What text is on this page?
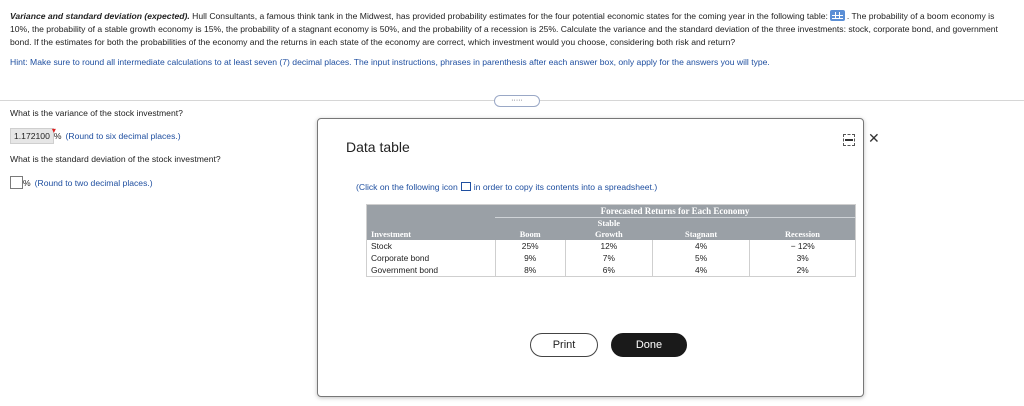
Variance and standard deviation (expected). Hull Consultants, a famous think tank in the Midwest, has provided probability estimates for the four potential economic states for the coming year in the following table: . The probability of a boom economy is 10%, the probability of a stable growth economy is 15%, the probability of a stagnant economy is 50%, and the probability of a recession is 25%. Calculate the variance and the standard deviation of the three investments: stock, corporate bond, and government bond. If the estimates for both the probabilities of the economy and the returns in each state of the economy are correct, which investment would you choose, considering both risk and return?
Hint: Make sure to round all intermediate calculations to at least seven (7) decimal places. The input instructions, phrases in parenthesis after each answer box, only apply for the answers you will type.
·····
What is the variance of the stock investment?
1.172100
▾
% (Round to six decimal places.)
What is the standard deviation of the stock investment?
% (Round to two decimal places.)
Data table
✕
(Click on the following icon in order to copy its contents into a spreadsheet.)
	Forecasted Returns for Each Economy			
		Stable		
Investment	Boom	Growth	Stagnant	Recession
Stock	25%	12%	4%	− 12%
Corporate bond	9%	7%	5%	3%
Government bond	8%	6%	4%	2%
Print	Done
